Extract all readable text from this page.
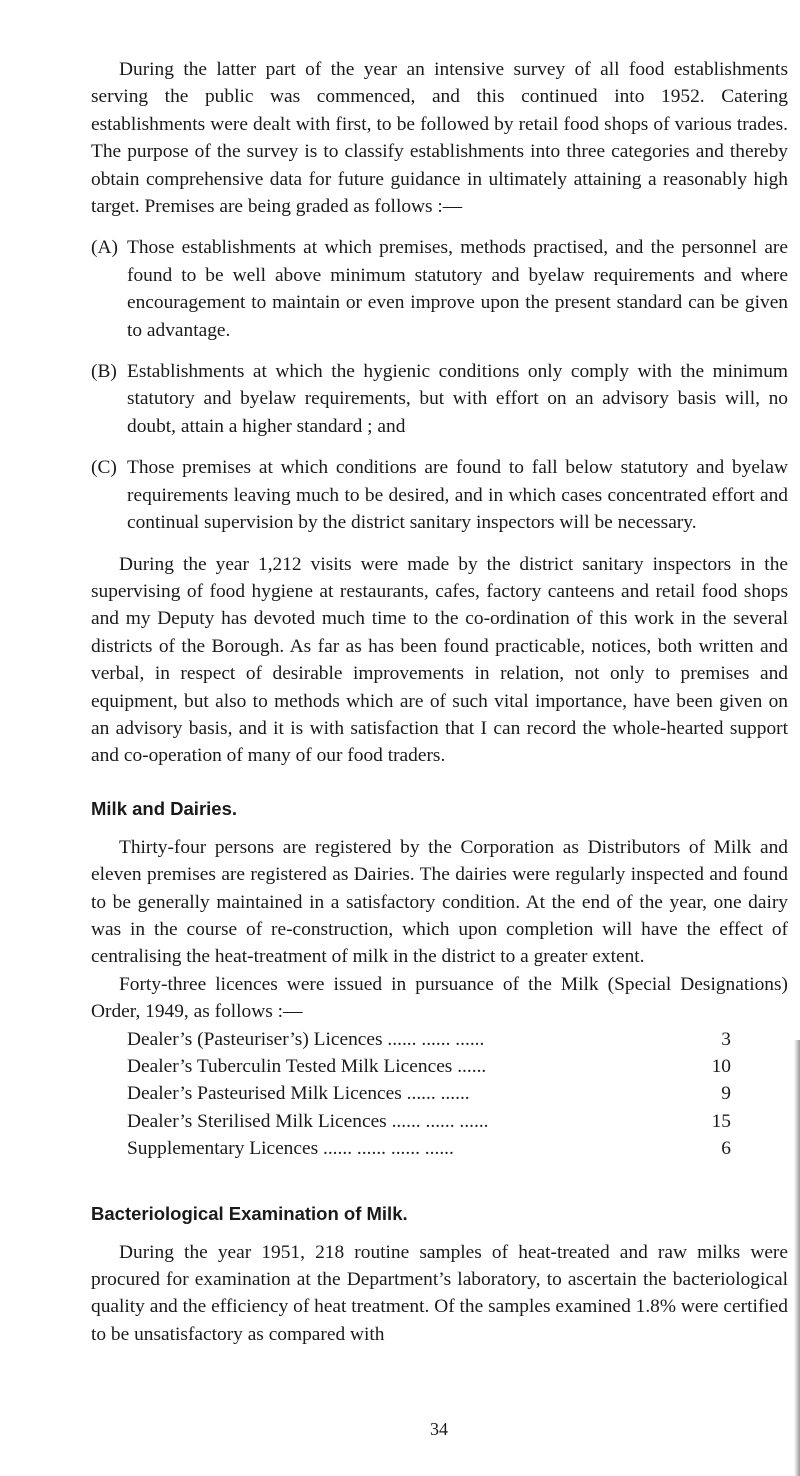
During the latter part of the year an intensive survey of all food establishments serving the public was commenced, and this continued into 1952. Catering establishments were dealt with first, to be followed by retail food shops of various trades. The purpose of the survey is to classify establishments into three categories and thereby obtain comprehensive data for future guidance in ultimately attaining a reasonably high target. Premises are being graded as follows :—

(A) Those establishments at which premises, methods practised, and the personnel are found to be well above minimum statutory and byelaw requirements and where encouragement to maintain or even improve upon the present standard can be given to advantage.
(B) Establishments at which the hygienic conditions only comply with the minimum statutory and byelaw requirements, but with effort on an advisory basis will, no doubt, attain a higher standard ; and
(C) Those premises at which conditions are found to fall below statutory and byelaw requirements leaving much to be desired, and in which cases concentrated effort and continual supervision by the district sanitary inspectors will be necessary.

During the year 1,212 visits were made by the district sanitary inspectors in the supervising of food hygiene at restaurants, cafes, factory canteens and retail food shops and my Deputy has devoted much time to the co-ordination of this work in the several districts of the Borough. As far as has been found practicable, notices, both written and verbal, in respect of desirable improvements in relation, not only to premises and equipment, but also to methods which are of such vital importance, have been given on an advisory basis, and it is with satisfaction that I can record the whole-hearted support and co-operation of many of our food traders.

Milk and Dairies.

Thirty-four persons are registered by the Corporation as Distributors of Milk and eleven premises are registered as Dairies. The dairies were regularly inspected and found to be generally maintained in a satisfactory condition. At the end of the year, one dairy was in the course of re-construction, which upon completion will have the effect of centralising the heat-treatment of milk in the district to a greater extent.

Forty-three licences were issued in pursuance of the Milk (Special Designations) Order, 1949, as follows :—

Dealer’s (Pasteuriser’s) Licences ...... ...... ......	3
Dealer’s Tuberculin Tested Milk Licences ......	10
Dealer’s Pasteurised Milk Licences ...... ......	9
Dealer’s Sterilised Milk Licences ...... ...... ......	15
Supplementary Licences ...... ...... ...... ......	6
Bacteriological Examination of Milk.

During the year 1951, 218 routine samples of heat-treated and raw milks were procured for examination at the Department’s laboratory, to ascertain the bacteriological quality and the efficiency of heat treatment. Of the samples examined 1.8% were certified to be unsatisfactory as compared with

34
